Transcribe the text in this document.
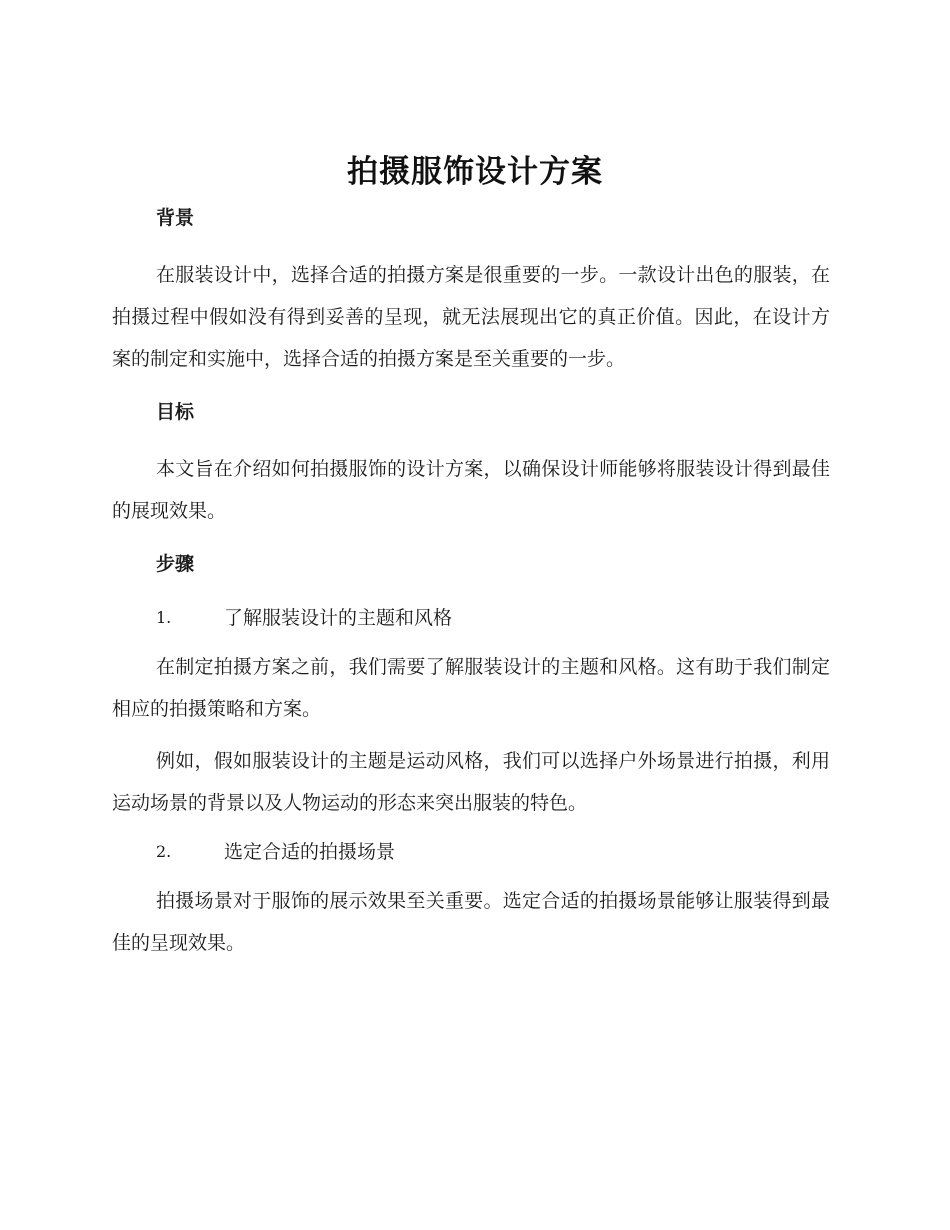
拍摄服饰设计方案
背景

在服装设计中，选择合适的拍摄方案是很重要的一步。一款设计出色的服装，在拍摄过程中假如没有得到妥善的呈现，就无法展现出它的真正价值。因此，在设计方案的制定和实施中，选择合适的拍摄方案是至关重要的一步。

目标

本文旨在介绍如何拍摄服饰的设计方案，以确保设计师能够将服装设计得到最佳的展现效果。

步骤
1.	了解服装设计的主题和风格

在制定拍摄方案之前，我们需要了解服装设计的主题和风格。这有助于我们制定相应的拍摄策略和方案。

例如，假如服装设计的主题是运动风格，我们可以选择户外场景进行拍摄，利用运动场景的背景以及人物运动的形态来突出服装的特色。

2.	选定合适的拍摄场景

拍摄场景对于服饰的展示效果至关重要。选定合适的拍摄场景能够让服装得到最佳的呈现效果。
